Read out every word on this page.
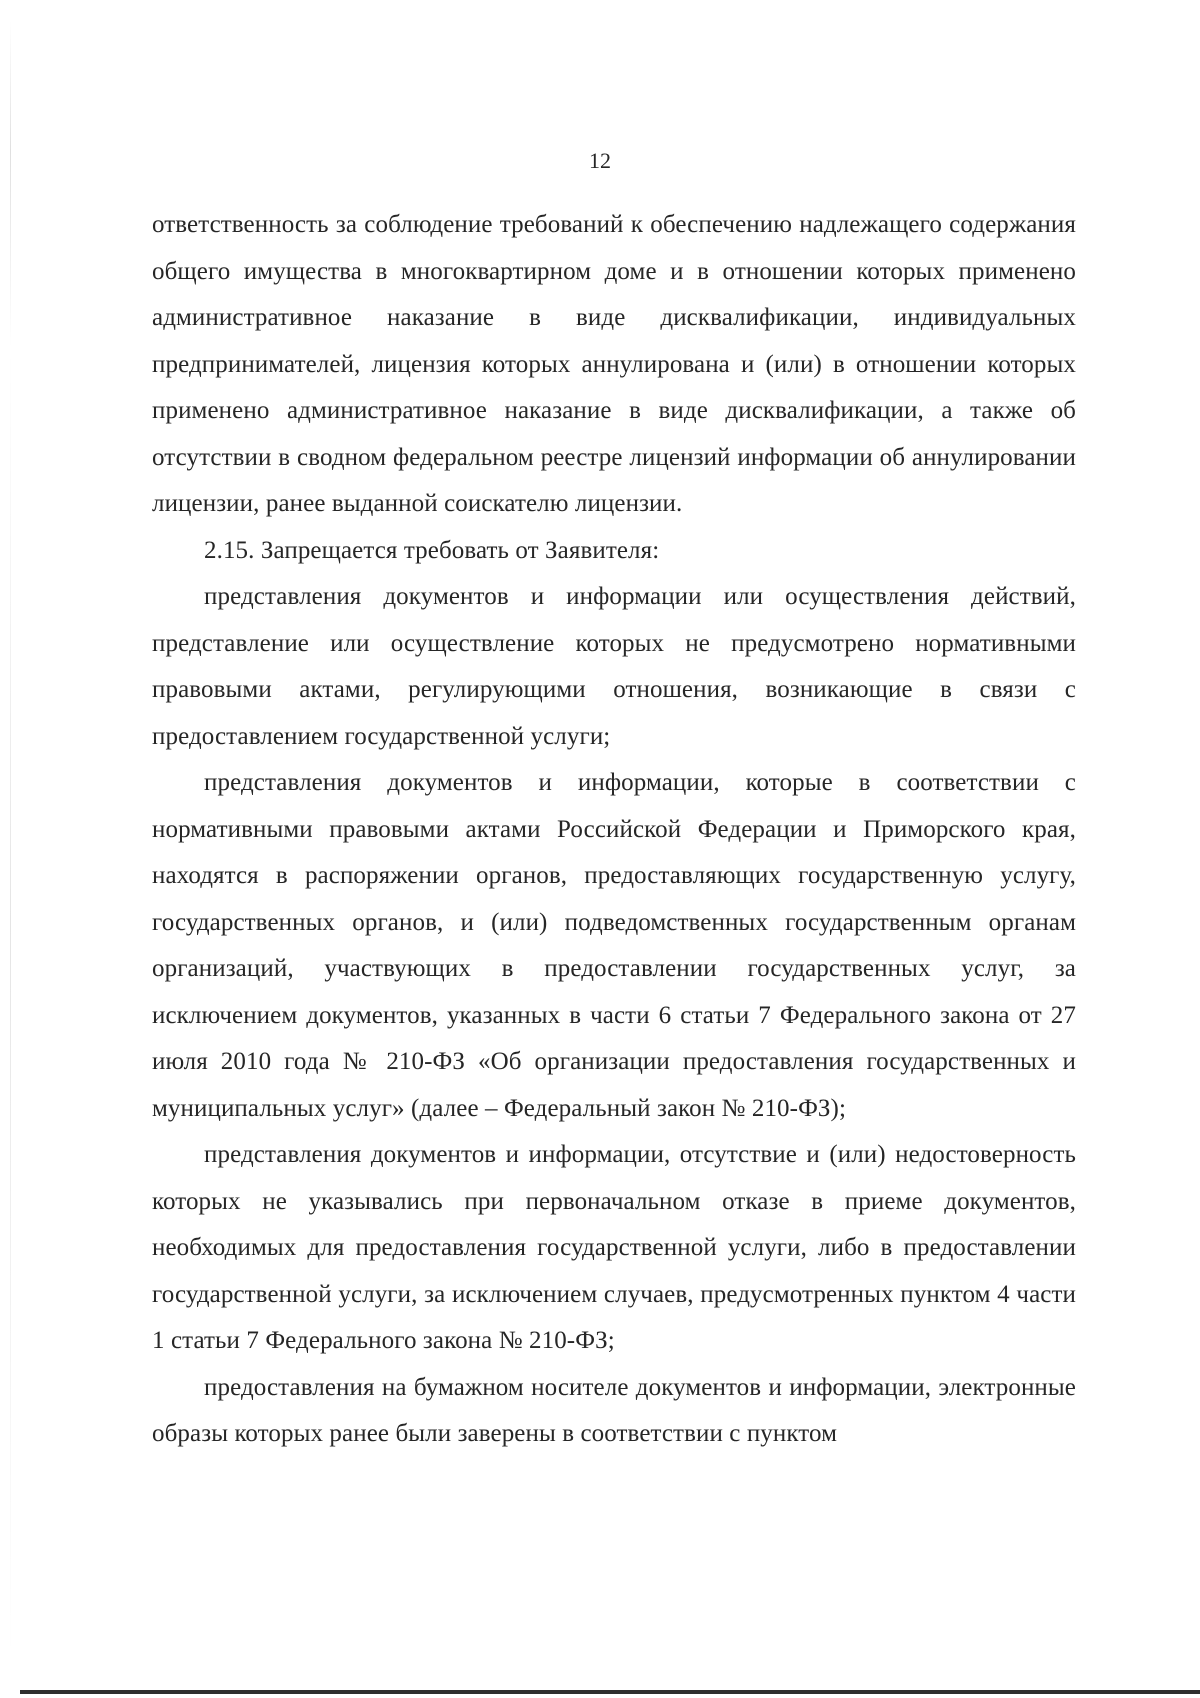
12

ответственность за соблюдение требований к обеспечению надлежащего содержания общего имущества в многоквартирном доме и в отношении которых применено административное наказание в виде дисквалификации, индивидуальных предпринимателей, лицензия которых аннулирована и (или) в отношении которых применено административное наказание в виде дисквалификации, а также об отсутствии в сводном федеральном реестре лицензий информации об аннулировании лицензии, ранее выданной соискателю лицензии.

2.15. Запрещается требовать от Заявителя:

представления документов и информации или осуществления действий, представление или осуществление которых не предусмотрено нормативными правовыми актами, регулирующими отношения, возникающие в связи с предоставлением государственной услуги;

представления документов и информации, которые в соответствии с нормативными правовыми актами Российской Федерации и Приморского края, находятся в распоряжении органов, предоставляющих государственную услугу, государственных органов, и (или) подведомственных государственным органам организаций, участвующих в предоставлении государственных услуг, за исключением документов, указанных в части 6 статьи 7 Федерального закона от 27 июля 2010 года № 210-ФЗ «Об организации предоставления государственных и муниципальных услуг» (далее – Федеральный закон № 210-ФЗ);

представления документов и информации, отсутствие и (или) недостоверность которых не указывались при первоначальном отказе в приеме документов, необходимых для предоставления государственной услуги, либо в предоставлении государственной услуги, за исключением случаев, предусмотренных пунктом 4 части 1 статьи 7 Федерального закона № 210-ФЗ;

предоставления на бумажном носителе документов и информации, электронные образы которых ранее были заверены в соответствии с пунктом
